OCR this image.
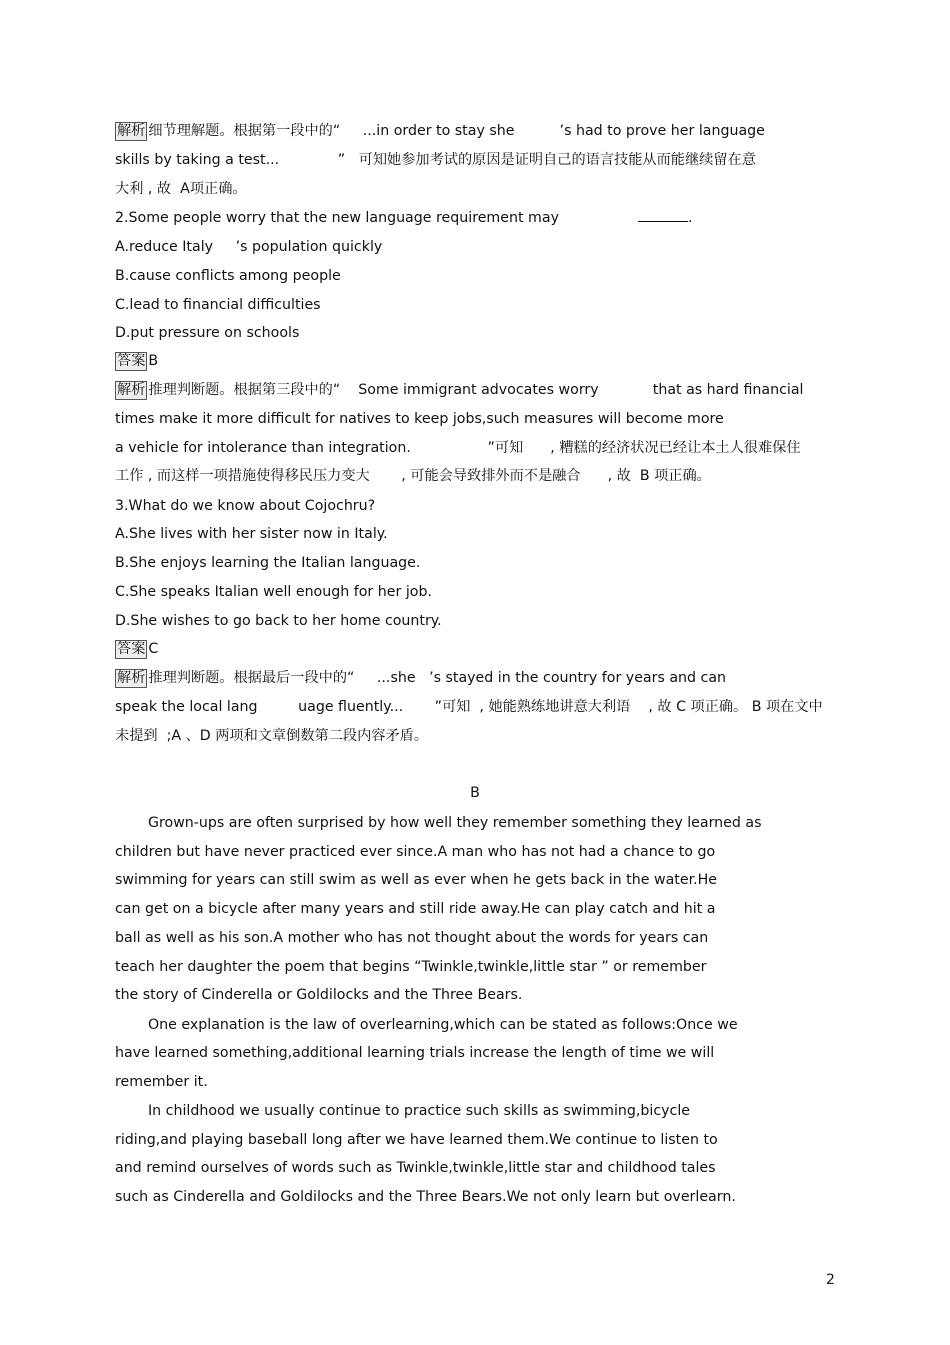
解析 细节理解题。根据第一段中的“     ...in order to stay she          ’s had to prove her language
skills by taking a test...             ”   可知她参加考试的原因是证明自己的语言技能从而能继续留在意
大利 , 故  A项正确。
2.Some people worry that the new language requirement may	.
A.reduce Italy     ’s population quickly
B.cause conflicts among people
C.lead to financial difficulties
D.put pressure on schools
答案 B
解析 推理判断题。根据第三段中的“    Some immigrant advocates worry            that as hard financial
times make it more difficult for natives to keep jobs,such measures will become more
a vehicle for intolerance than integration.                 ”可知      , 糟糕的经济状况已经让本土人很难保住
工作 , 而这样一项措施使得移民压力变大       , 可能会导致排外而不是融合      , 故  B 项正确。
3.What do we know about Cojochru?
A.She lives with her sister now in Italy.
B.She enjoys learning the Italian language.
C.She speaks Italian well enough for her job.
D.She wishes to go back to her home country.
答案 C
解析 推理判断题。根据最后一段中的“     ...she   ’s stayed in the country for years and can
speak the local lang         uage fluently...       ”可知  , 她能熟练地讲意大利语    , 故 C 项正确。 B 项在文中
未提到  ;A 、D 两项和文章倒数第二段内容矛盾。
B
Grown-ups are often surprised by how well they remember something they learned as
children but have never practiced ever since.A man who has not had a chance to go
swimming for years can still swim as well as ever when he gets back in the water.He
can get on a bicycle after many years and still ride away.He can play catch and hit a
ball as well as his son.A mother who has not thought about the words for years can
teach her daughter the poem that begins “Twinkle,twinkle,little star ” or remember
the story of Cinderella or Goldilocks and the Three Bears.
One explanation is the law of overlearning,which can be stated as follows:Once we
have learned something,additional learning trials increase the length of time we will
remember it.
In childhood we usually continue to practice such skills as swimming,bicycle
riding,and playing baseball long after we have learned them.We continue to listen to
and remind ourselves of words such as Twinkle,twinkle,little star and childhood tales
such as Cinderella and Goldilocks and the Three Bears.We not only learn but overlearn.
2
